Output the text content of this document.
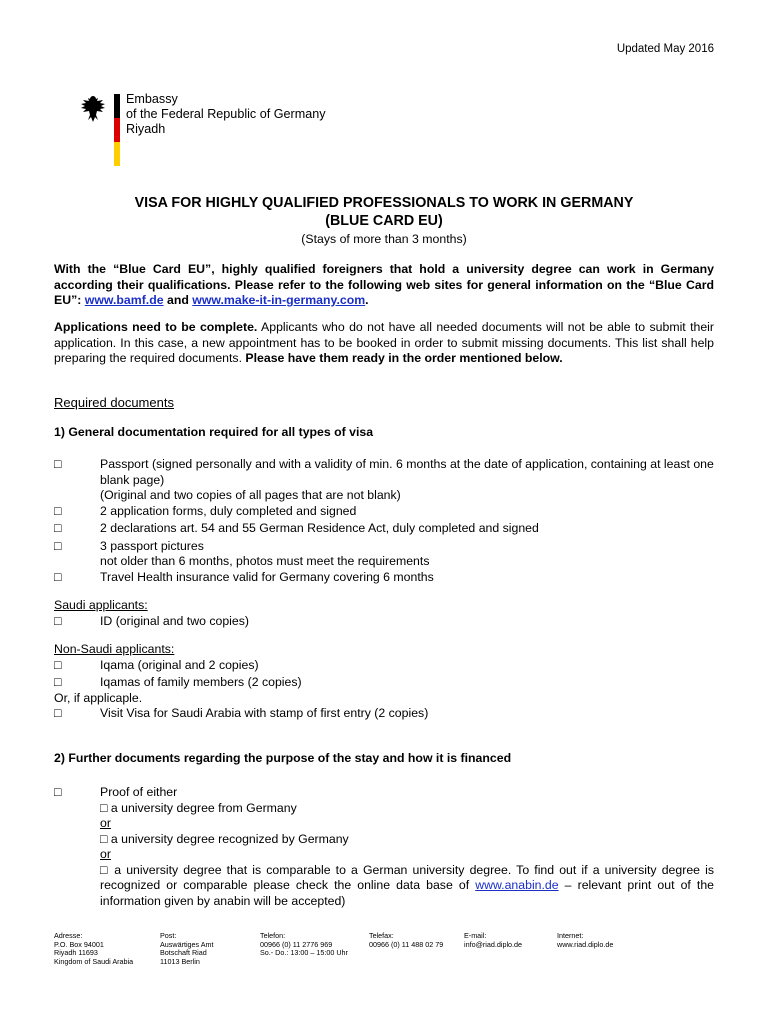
Updated May 2016
Embassy
of the Federal Republic of Germany
Riyadh
VISA FOR HIGHLY QUALIFIED PROFESSIONALS TO WORK IN GERMANY
(BLUE CARD EU)
(Stays of more than 3 months)
With the “Blue Card EU”, highly qualified foreigners that hold a university degree can work in Germany according their qualifications. Please refer to the following web sites for general information on the “Blue Card EU”: www.bamf.de and www.make-it-in-germany.com.
Applications need to be complete. Applicants who do not have all needed documents will not be able to submit their application. In this case, a new appointment has to be booked in order to submit missing documents. This list shall help preparing the required documents. Please have them ready in the order mentioned below.
Required documents
1) General documentation required for all types of visa
□	Passport (signed personally and with a validity of min. 6 months at the date of application, containing at least one blank page)
(Original and two copies of all pages that are not blank)
□	2 application forms, duly completed and signed
□	2 declarations art. 54 and 55 German Residence Act, duly completed and signed
□	3 passport pictures
not older than 6 months, photos must meet the requirements
□	Travel Health insurance valid for Germany covering 6 months
Saudi applicants:
□	ID (original and two copies)
Non-Saudi applicants:
□	Iqama (original and 2 copies)
□	Iqamas of family members (2 copies)
Or, if applicaple.
□	Visit Visa for Saudi Arabia with stamp of first entry (2 copies)
2) Further documents regarding the purpose of the stay and how it is financed
□	Proof of either
□ a university degree from Germany
or
□ a university degree recognized by Germany
or
□ a university degree that is comparable to a German university degree. To find out if a university degree is recognized or comparable please check the online data base of www.anabin.de – relevant print out of the information given by anabin will be accepted)
Adresse:
P.O. Box 94001
Riyadh 11693
Kingdom of Saudi Arabia
Post:
Auswärtiges Amt
Botschaft Riad
11013 Berlin
Telefon:
00966 (0) 11 2776 969
So.- Do.: 13:00 – 15:00 Uhr
Telefax:
00966 (0) 11 488 02 79
E-mail:
info@riad.diplo.de
Internet:
www.riad.diplo.de
